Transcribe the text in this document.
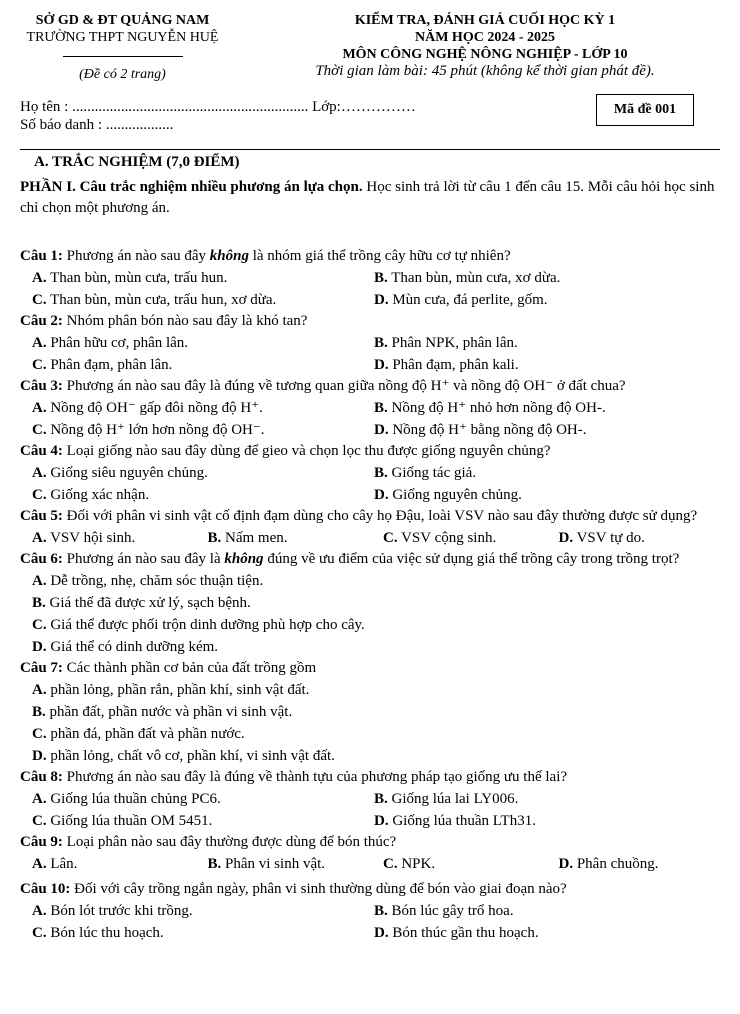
SỞ GD & ĐT QUẢNG NAM
TRƯỜNG THPT NGUYỄN HUỆ
(Đề có 2 trang)
KIỂM TRA, ĐÁNH GIÁ CUỐI HỌC KỲ 1
NĂM HỌC 2024 - 2025
MÔN CÔNG NGHỆ NÔNG NGHIỆP - LỚP 10
Thời gian làm bài: 45 phút (không kể thời gian phát đề).
Họ tên : ............................................................... Lớp:……………
Số báo danh : ..................
Mã đề 001
A. TRẮC NGHIỆM (7,0 ĐIỂM)
PHẦN I. Câu trắc nghiệm nhiều phương án lựa chọn. Học sinh trả lời từ câu 1 đến câu 15. Mỗi câu hỏi học sinh chỉ chọn một phương án.
Câu 1: Phương án nào sau đây không là nhóm giá thể trồng cây hữu cơ tự nhiên?
A. Than bùn, mùn cưa, trấu hun.	B. Than bùn, mùn cưa, xơ dừa.
C. Than bùn, mùn cưa, trấu hun, xơ dừa.	D. Mùn cưa, đá perlite, gốm.
Câu 2: Nhóm phân bón nào sau đây là khó tan?
A. Phân hữu cơ, phân lân.	B. Phân NPK, phân lân.
C. Phân đạm, phân lân.	D. Phân đạm, phân kali.
Câu 3: Phương án nào sau đây là đúng về tương quan giữa nồng độ H⁺ và nồng độ OH⁻ ở đất chua?
A. Nồng độ OH⁻ gấp đôi nồng độ H⁺.	B. Nồng độ H⁺ nhỏ hơn nồng độ OH-.
C. Nồng độ H⁺ lớn hơn nồng độ OH⁻.	D. Nồng độ H⁺ bằng nồng độ OH-.
Câu 4: Loại giống nào sau đây dùng để gieo và chọn lọc thu được giống nguyên chủng?
A. Giống siêu nguyên chủng.	B. Giống tác giả.
C. Giống xác nhận.	D. Giống nguyên chủng.
Câu 5: Đối với phân vi sinh vật cố định đạm dùng cho cây họ Đậu, loài VSV nào sau đây thường được sử dụng?
A. VSV hội sinh.	B. Nấm men.	C. VSV cộng sinh.	D. VSV tự do.
Câu 6: Phương án nào sau đây là không đúng về ưu điểm của việc sử dụng giá thể trồng cây trong trồng trọt?
A. Dễ trồng, nhẹ, chăm sóc thuận tiện.
B. Giá thể đã được xử lý, sạch bệnh.
C. Giá thể được phối trộn dinh dưỡng phù hợp cho cây.
D. Giá thể có dinh dưỡng kém.
Câu 7: Các thành phần cơ bản của đất trồng gồm
A. phần lỏng, phần rắn, phần khí, sinh vật đất.
B. phần đất, phần nước và phần vi sinh vật.
C. phần đá, phần đất và phần nước.
D. phần lỏng, chất vô cơ, phần khí, vi sinh vật đất.
Câu 8: Phương án nào sau đây là đúng về thành tựu của phương pháp tạo giống ưu thế lai?
A. Giống lúa thuần chủng PC6.	B. Giống lúa lai LY006.
C. Giống lúa thuần OM 5451.	D. Giống lúa thuần LTh31.
Câu 9: Loại phân nào sau đây thường được dùng để bón thúc?
A. Lân.	B. Phân vi sinh vật.	C. NPK.	D. Phân chuồng.
Câu 10: Đối với cây trồng ngắn ngày, phân vi sinh thường dùng để bón vào giai đoạn nào?
A. Bón lót trước khi trồng.	B. Bón lúc gây trổ hoa.
C. Bón lúc thu hoạch.	D. Bón thúc gần thu hoạch.
